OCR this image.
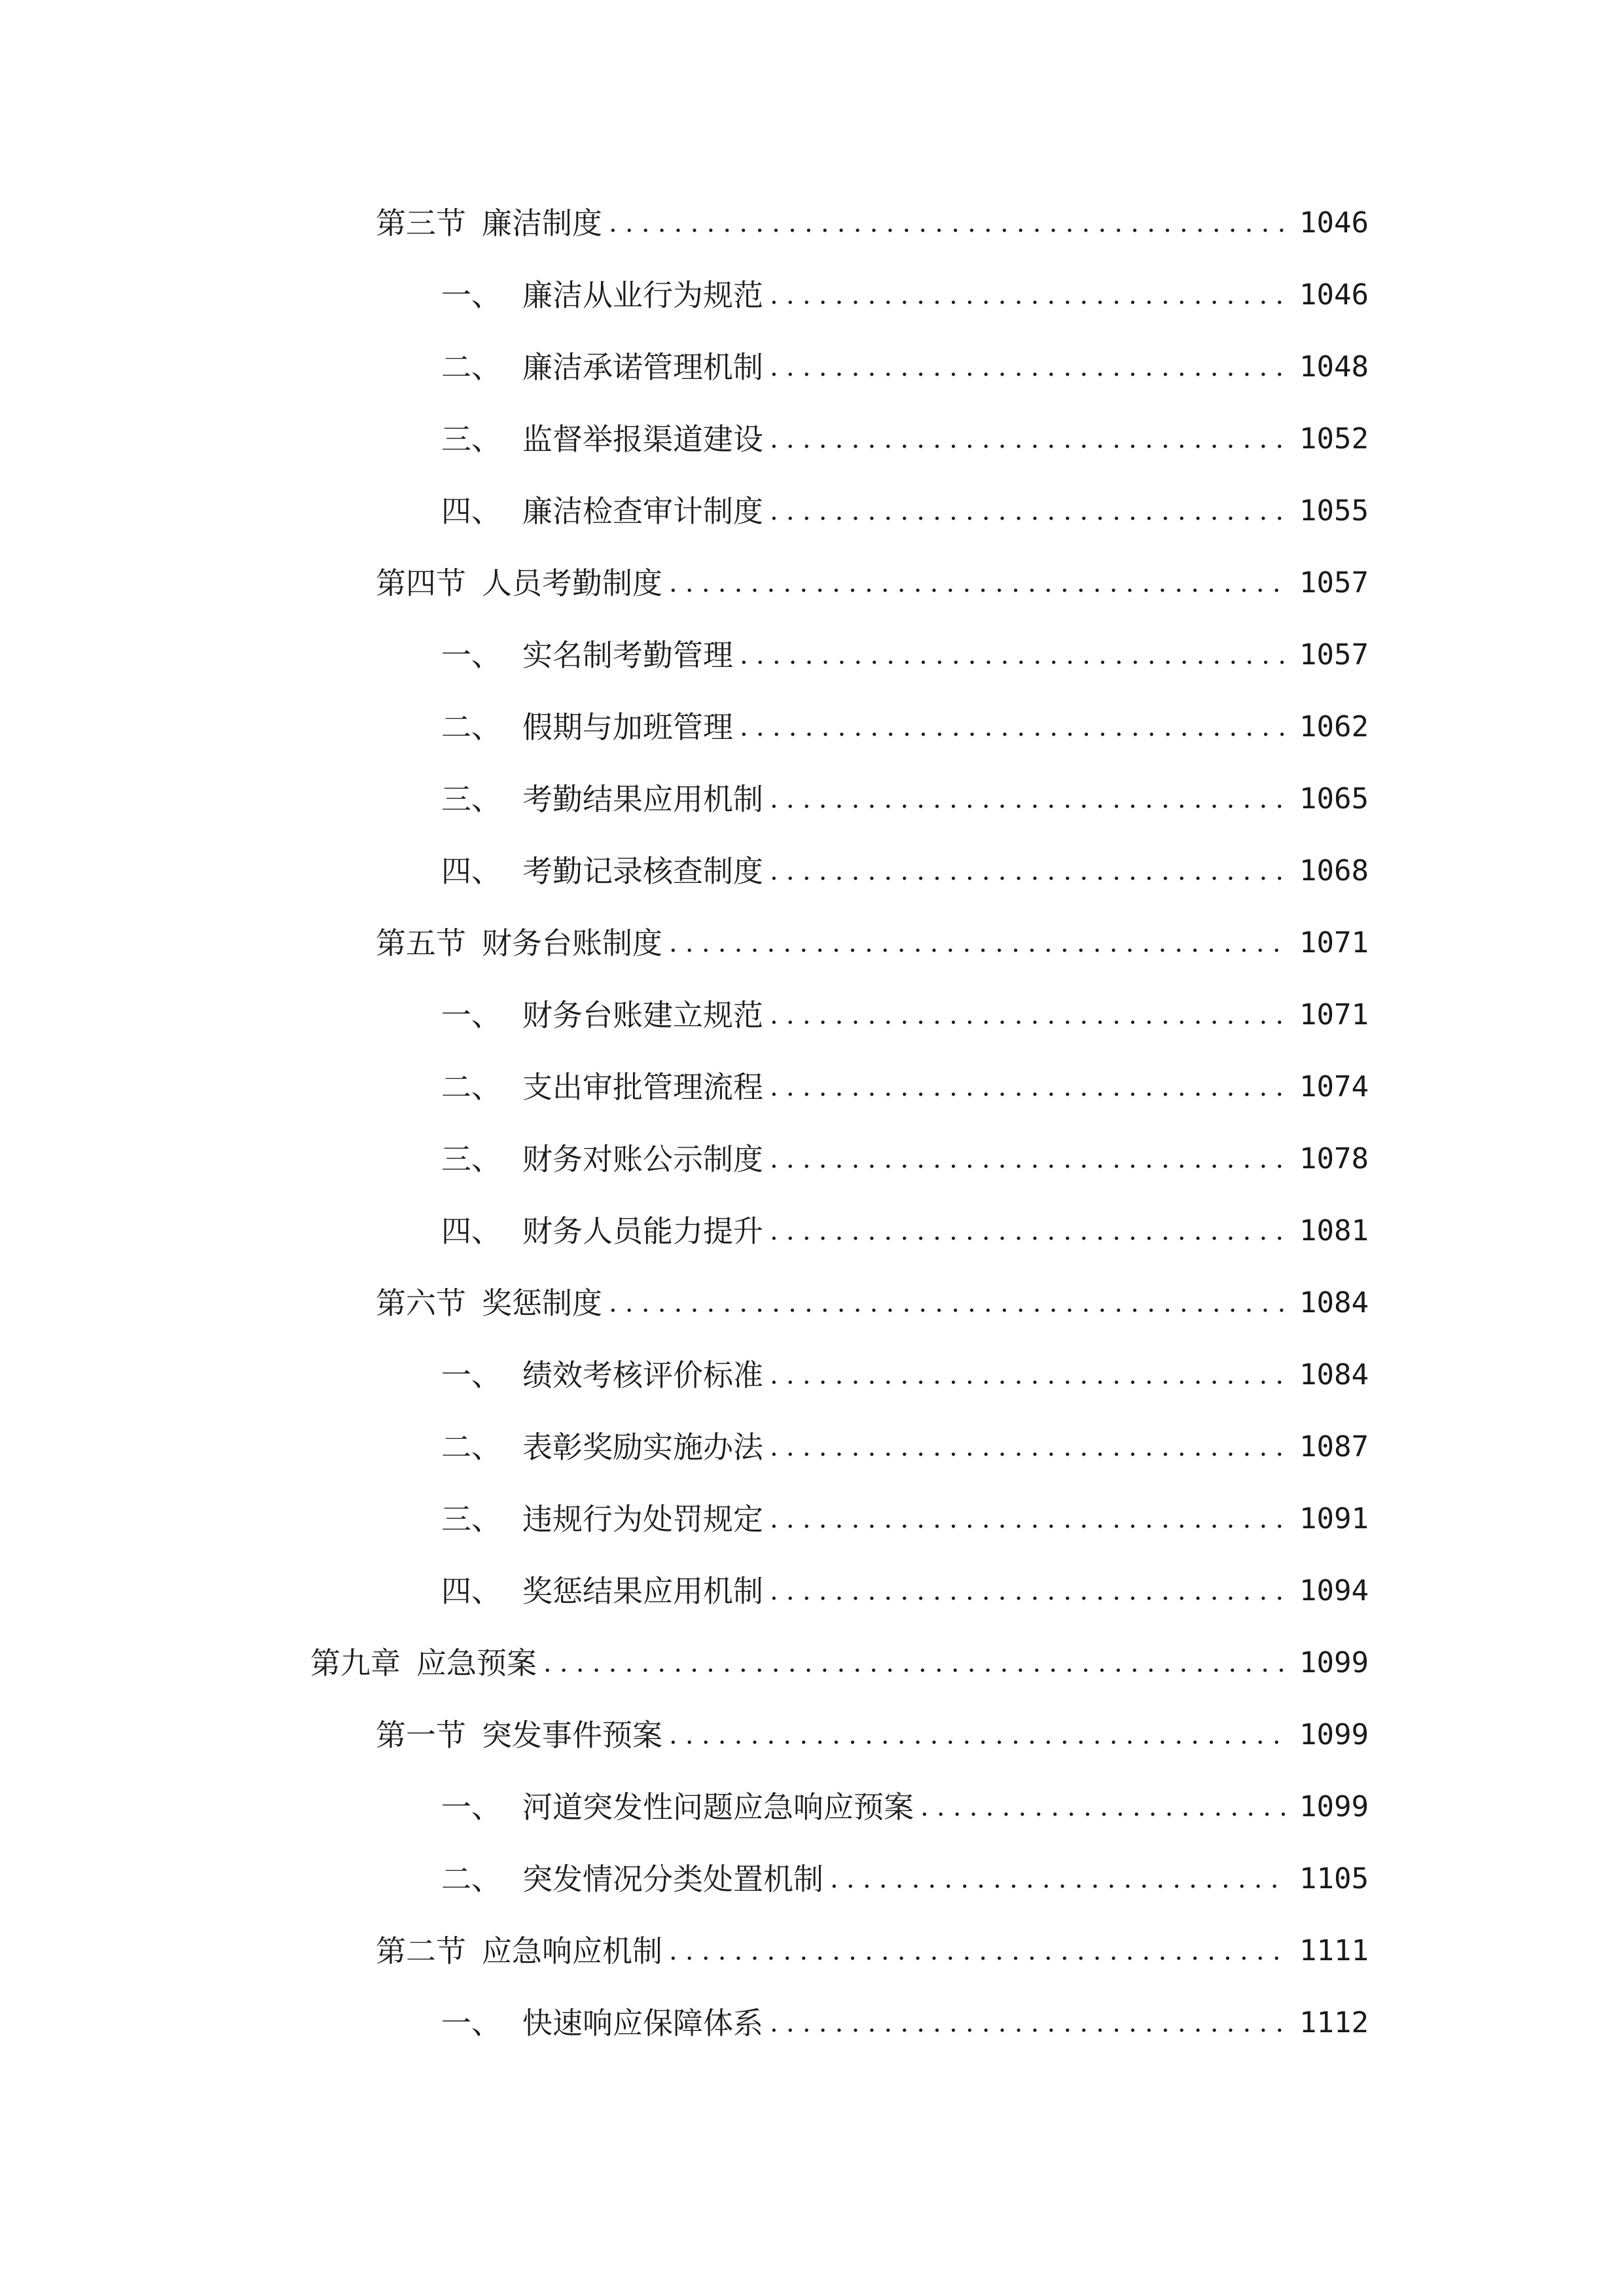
第三节 廉洁制度 .....	1046
一、 廉洁从业行为规范 .....	1046
二、 廉洁承诺管理机制 .....	1048
三、 监督举报渠道建设 .....	1052
四、 廉洁检查审计制度 .....	1055
第四节 人员考勤制度 .....	1057
一、 实名制考勤管理 .....	1057
二、 假期与加班管理 .....	1062
三、 考勤结果应用机制 .....	1065
四、 考勤记录核查制度 .....	1068
第五节 财务台账制度 .....	1071
一、 财务台账建立规范 .....	1071
二、 支出审批管理流程 .....	1074
三、 财务对账公示制度 .....	1078
四、 财务人员能力提升 .....	1081
第六节 奖惩制度 .....	1084
一、 绩效考核评价标准 .....	1084
二、 表彰奖励实施办法 .....	1087
三、 违规行为处罚规定 .....	1091
四、 奖惩结果应用机制 .....	1094
第九章 应急预案 .....	1099
第一节 突发事件预案 .....	1099
一、 河道突发性问题应急响应预案 .....	1099
二、 突发情况分类处置机制 .....	1105
第二节 应急响应机制 .....	1111
一、 快速响应保障体系 .....	1112
